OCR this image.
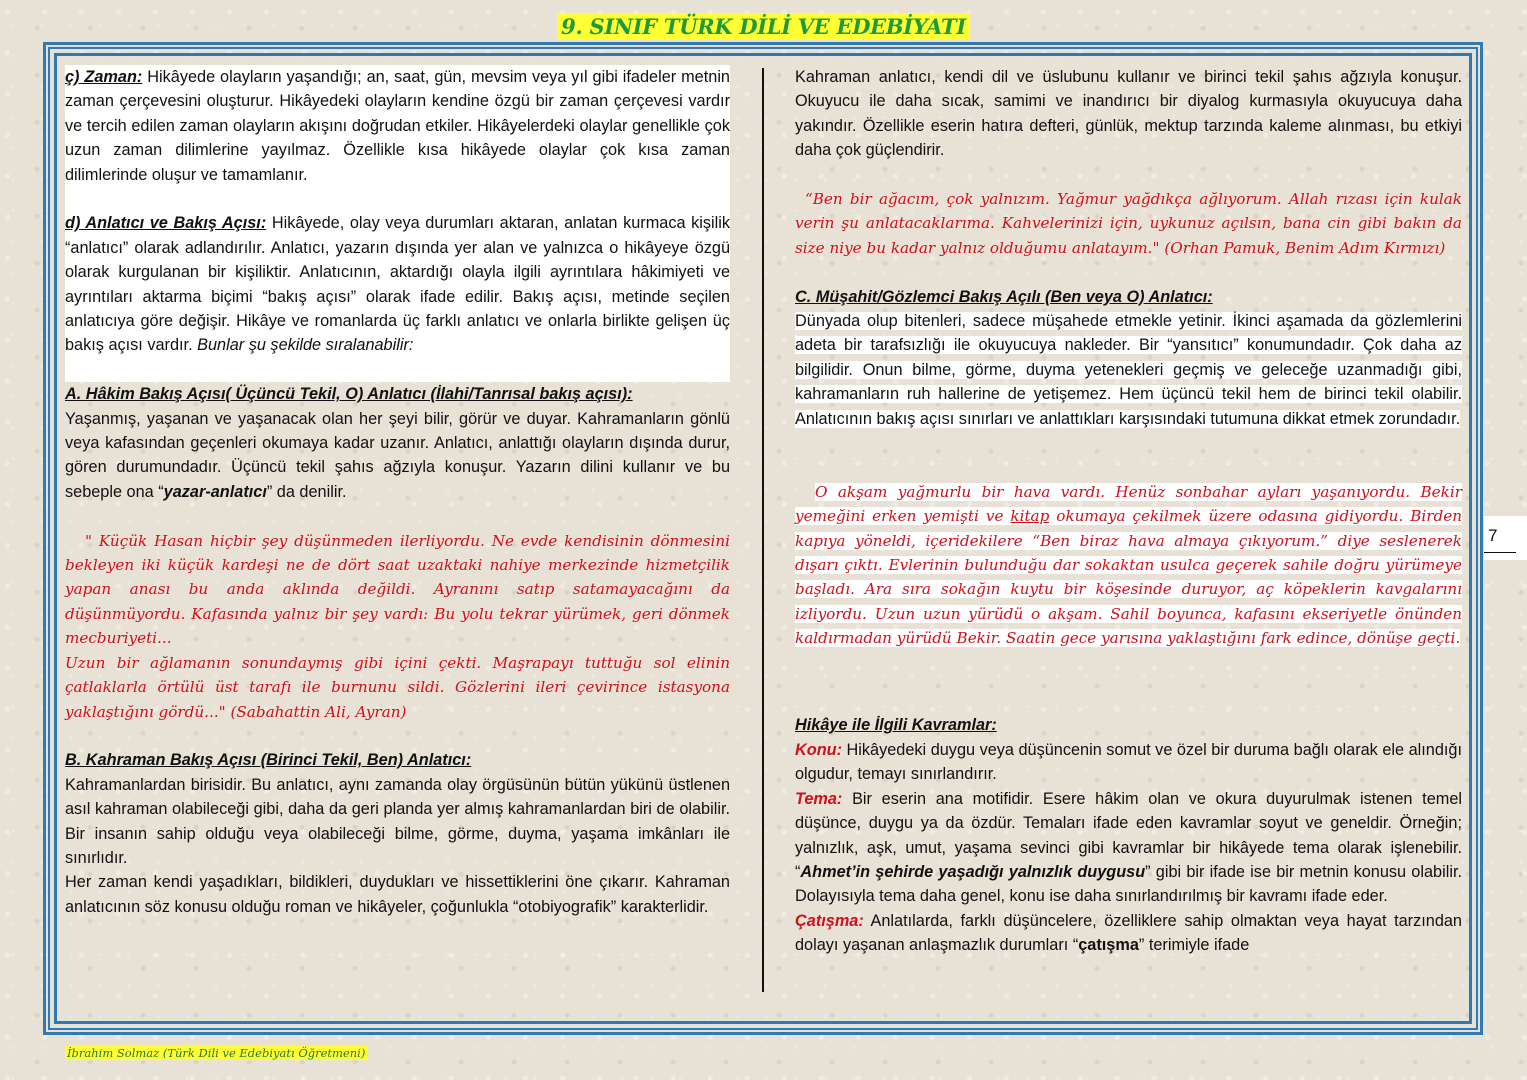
9. SINIF TÜRK DİLİ VE EDEBİYATI

ç) Zaman: Hikâyede olayların yaşandığı; an, saat, gün, mevsim veya yıl gibi ifadeler metnin zaman çerçevesini oluşturur. Hikâyedeki olayların kendine özgü bir zaman çerçevesi vardır ve tercih edilen zaman olayların akışını doğrudan etkiler. Hikâyelerdeki olaylar genellikle çok uzun zaman dilimlerine yayılmaz. Özellikle kısa hikâyede olaylar çok kısa zaman dilimlerinde oluşur ve tamamlanır.

d) Anlatıcı ve Bakış Açısı: Hikâyede, olay veya durumları aktaran, anlatan kurmaca kişilik “anlatıcı” olarak adlandırılır. Anlatıcı, yazarın dışında yer alan ve yalnızca o hikâyeye özgü olarak kurgulanan bir kişiliktir. Anlatıcının, aktardığı olayla ilgili ayrıntılara hâkimiyeti ve ayrıntıları aktarma biçimi “bakış açısı” olarak ifade edilir. Bakış açısı, metinde seçilen anlatıcıya göre değişir. Hikâye ve romanlarda üç farklı anlatıcı ve onlarla birlikte gelişen üç bakış açısı vardır. Bunlar şu şekilde sıralanabilir:

A. Hâkim Bakış Açısı( Üçüncü Tekil, O) Anlatıcı (İlahi/Tanrısal bakış açısı):

Yaşanmış, yaşanan ve yaşanacak olan her şeyi bilir, görür ve duyar. Kahramanların gönlü veya kafasından geçenleri okumaya kadar uzanır. Anlatıcı, anlattığı olayların dışında durur, gören durumundadır. Üçüncü tekil şahıs ağzıyla konuşur. Yazarın dilini kullanır ve bu sebeple ona “yazar-anlatıcı” da denilir.

" Küçük Hasan hiçbir şey düşünmeden ilerliyordu. Ne evde kendisinin dönmesini bekleyen iki küçük kardeşi ne de dört saat uzaktaki nahiye merkezinde hizmetçilik yapan anası bu anda aklında değildi. Ayranını satıp satamayacağını da düşünmüyordu. Kafasında yalnız bir şey vardı: Bu yolu tekrar yürümek, geri dönmek mecburiyeti...

Uzun bir ağlamanın sonundaymış gibi içini çekti. Maşrapayı tuttuğu sol elinin çatlaklarla örtülü üst tarafı ile burnunu sildi. Gözlerini ileri çevirince istasyona yaklaştığını gördü..." (Sabahattin Ali, Ayran)

B. Kahraman Bakış Açısı (Birinci Tekil, Ben) Anlatıcı:

Kahramanlardan birisidir. Bu anlatıcı, aynı zamanda olay örgüsünün bütün yükünü üstlenen asıl kahraman olabileceği gibi, daha da geri planda yer almış kahramanlardan biri de olabilir. Bir insanın sahip olduğu veya olabileceği bilme, görme, duyma, yaşama imkânları ile sınırlıdır.

Her zaman kendi yaşadıkları, bildikleri, duydukları ve hissettiklerini öne çıkarır. Kahraman anlatıcının söz konusu olduğu roman ve hikâyeler, çoğunlukla “otobiyografik” karakterlidir.

Kahraman anlatıcı, kendi dil ve üslubunu kullanır ve birinci tekil şahıs ağzıyla konuşur. Okuyucu ile daha sıcak, samimi ve inandırıcı bir diyalog kurmasıyla okuyucuya daha yakındır. Özellikle eserin hatıra defteri, günlük, mektup tarzında kaleme alınması, bu etkiyi daha çok güçlendirir.

“Ben bir ağacım, çok yalnızım. Yağmur yağdıkça ağlıyorum. Allah rızası için kulak verin şu anlatacaklarıma. Kahvelerinizi için, uykunuz açılsın, bana cin gibi bakın da size niye bu kadar yalnız olduğumu anlatayım." (Orhan Pamuk, Benim Adım Kırmızı)

C. Müşahit/Gözlemci Bakış Açılı (Ben veya O) Anlatıcı:

Dünyada olup bitenleri, sadece müşahede etmekle yetinir. İkinci aşamada da gözlemlerini adeta bir tarafsızlığı ile okuyucuya nakleder. Bir “yansıtıcı” konumundadır. Çok daha az bilgilidir. Onun bilme, görme, duyma yetenekleri geçmiş ve geleceğe uzanmadığı gibi, kahramanların ruh hallerine de yetişemez. Hem üçüncü tekil hem de birinci tekil olabilir. Anlatıcının bakış açısı sınırları ve anlattıkları karşısındaki tutumuna dikkat etmek zorundadır.

O akşam yağmurlu bir hava vardı. Henüz sonbahar ayları yaşanıyordu. Bekir yemeğini erken yemişti ve kitap okumaya çekilmek üzere odasına gidiyordu. Birden kapıya yöneldi, içeridekilere “Ben biraz hava almaya çıkıyorum.” diye seslenerek dışarı çıktı. Evlerinin bulunduğu dar sokaktan usulca geçerek sahile doğru yürümeye başladı. Ara sıra sokağın kuytu bir köşesinde duruyor, aç köpeklerin kavgalarını izliyordu. Uzun uzun yürüdü o akşam. Sahil boyunca, kafasını ekseriyetle önünden kaldırmadan yürüdü Bekir. Saatin gece yarısına yaklaştığını fark edince, dönüşe geçti.

Hikâye ile İlgili Kavramlar:

Konu: Hikâyedeki duygu veya düşüncenin somut ve özel bir duruma bağlı olarak ele alındığı olgudur, temayı sınırlandırır.

Tema: Bir eserin ana motifidir. Esere hâkim olan ve okura duyurulmak istenen temel düşünce, duygu ya da özdür. Temaları ifade eden kavramlar soyut ve geneldir. Örneğin; yalnızlık, aşk, umut, yaşama sevinci gibi kavramlar bir hikâyede tema olarak işlenebilir. “Ahmet’in şehirde yaşadığı yalnızlık duygusu” gibi bir ifade ise bir metnin konusu olabilir. Dolayısıyla tema daha genel, konu ise daha sınırlandırılmış bir kavramı ifade eder.

Çatışma: Anlatılarda, farklı düşüncelere, özelliklere sahip olmaktan veya hayat tarzından dolayı yaşanan anlaşmazlık durumları “çatışma” terimiyle ifade

7
İbrahim Solmaz (Türk Dili ve Edebiyatı Öğretmeni)
